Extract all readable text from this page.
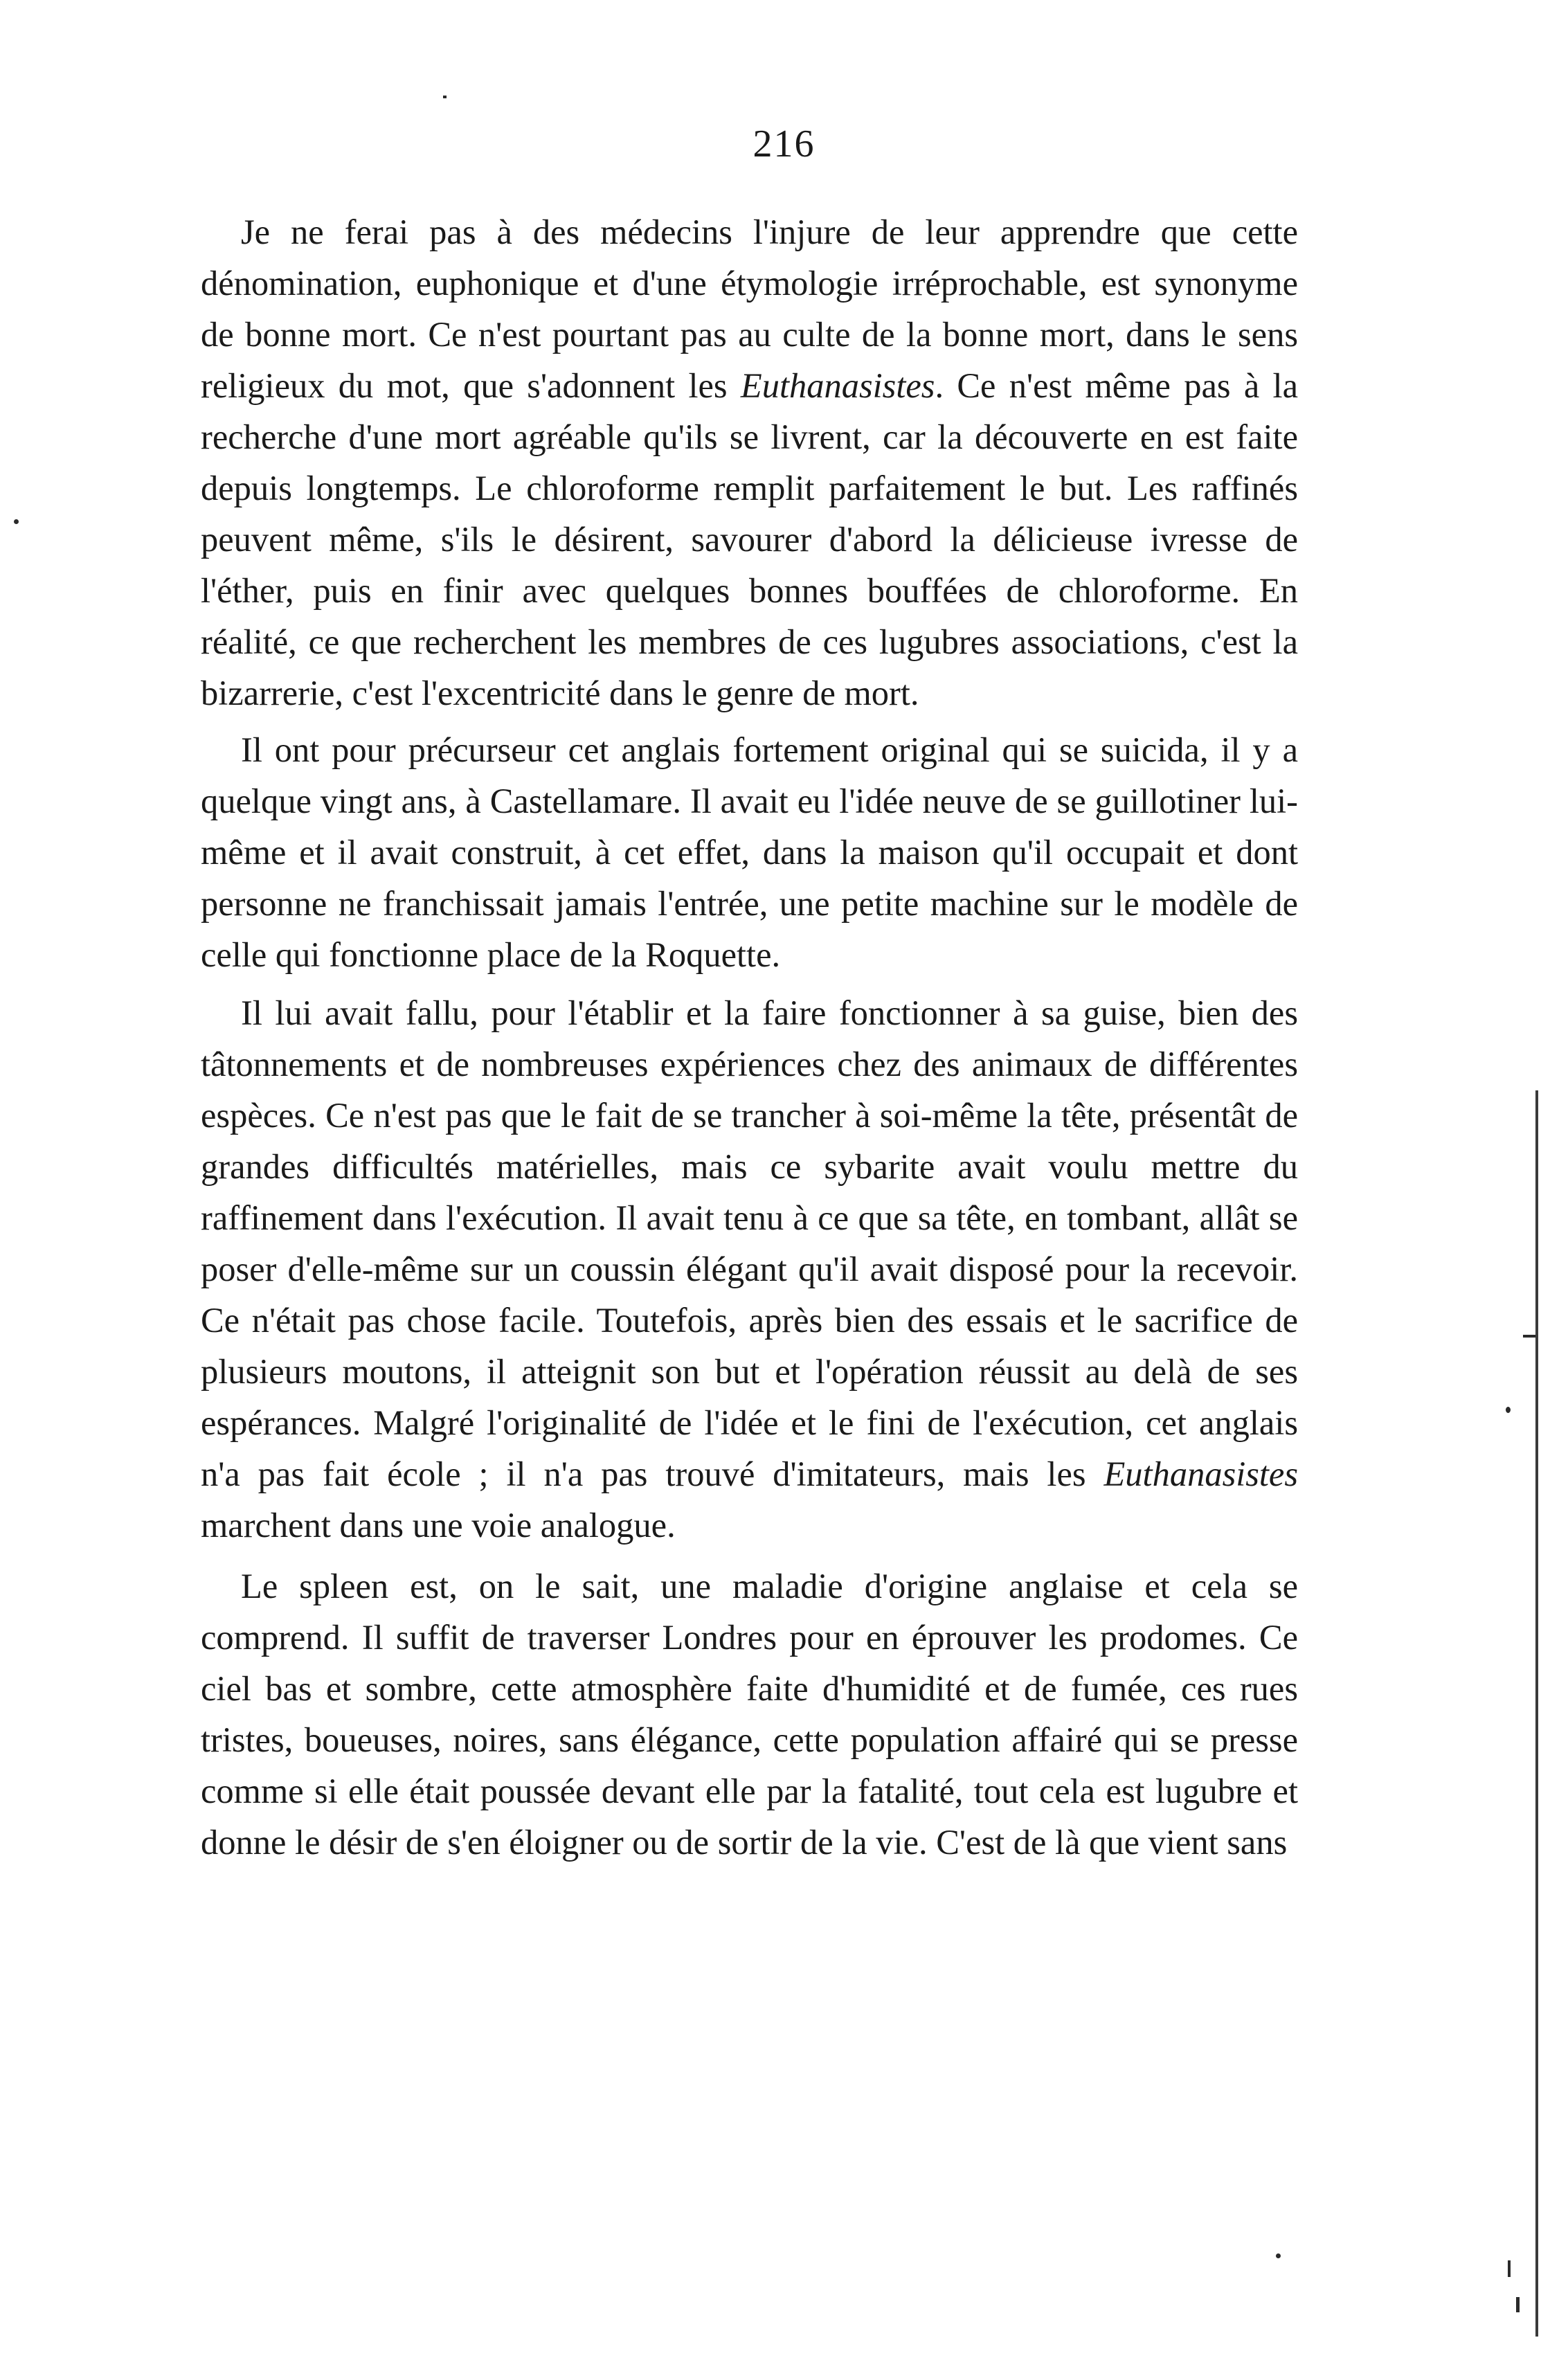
216

Je ne ferai pas à des médecins l'injure de leur apprendre que cette dénomination, euphonique et d'une étymologie irréprochable, est synonyme de bonne mort. Ce n'est pourtant pas au culte de la bonne mort, dans le sens religieux du mot, que s'adonnent les Euthanasistes. Ce n'est même pas à la recherche d'une mort agréable qu'ils se livrent, car la découverte en est faite depuis longtemps. Le chloroforme remplit parfaitement le but. Les raffinés peuvent même, s'ils le désirent, savourer d'abord la délicieuse ivresse de l'éther, puis en finir avec quelques bonnes bouffées de chloroforme. En réalité, ce que recherchent les membres de ces lugubres associations, c'est la bizarrerie, c'est l'excentricité dans le genre de mort.

Il ont pour précurseur cet anglais fortement original qui se suicida, il y a quelque vingt ans, à Castellamare. Il avait eu l'idée neuve de se guillotiner lui-même et il avait construit, à cet effet, dans la maison qu'il occupait et dont personne ne franchissait jamais l'entrée, une petite machine sur le modèle de celle qui fonctionne place de la Roquette.

Il lui avait fallu, pour l'établir et la faire fonctionner à sa guise, bien des tâtonnements et de nombreuses expériences chez des animaux de différentes espèces. Ce n'est pas que le fait de se trancher à soi-même la tête, présentât de grandes difficultés matérielles, mais ce sybarite avait voulu mettre du raffinement dans l'exécution. Il avait tenu à ce que sa tête, en tombant, allât se poser d'elle-même sur un coussin élégant qu'il avait disposé pour la recevoir. Ce n'était pas chose facile. Toutefois, après bien des essais et le sacrifice de plusieurs moutons, il atteignit son but et l'opération réussit au delà de ses espérances. Malgré l'originalité de l'idée et le fini de l'exécution, cet anglais n'a pas fait école ; il n'a pas trouvé d'imitateurs, mais les Euthanasistes marchent dans une voie analogue.

Le spleen est, on le sait, une maladie d'origine anglaise et cela se comprend. Il suffit de traverser Londres pour en éprouver les prodomes. Ce ciel bas et sombre, cette atmosphère faite d'humidité et de fumée, ces rues tristes, boueuses, noires, sans élégance, cette population affairé qui se presse comme si elle était poussée devant elle par la fatalité, tout cela est lugubre et donne le désir de s'en éloigner ou de sortir de la vie. C'est de là que vient sans
